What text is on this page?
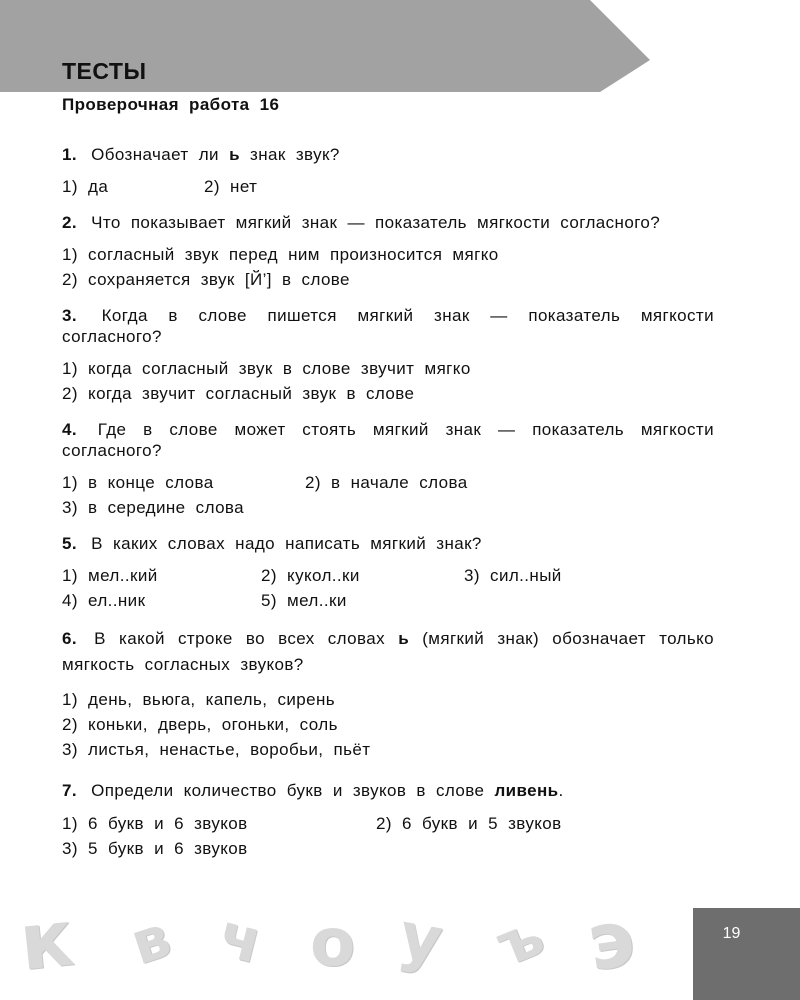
ТЕСТЫ
Проверочная работа 16

1. Обозначает ли ь знак звук?

1) да	2) нет

2. Что показывает мягкий знак — показатель мягкости согласного?

1) согласный звук перед ним произносится мягко
2) сохраняется звук [Й’] в слове

3. Когда в слове пишется мягкий знак — показатель мягкости согласного?

1) когда согласный звук в слове звучит мягко
2) когда звучит согласный звук в слове

4. Где в слове может стоять мягкий знак — показатель мягкости согласного?

1) в конце слова	2) в начале слова
3) в середине слова

5. В каких словах надо написать мягкий знак?

1) мел..кий	2) кукол..ки	3) сил..ный
4) ел..ник	5) мел..ки

6. В какой строке во всех словах ь (мягкий знак) обозначает только мягкость согласных звуков?

1) день, вьюга, капель, сирень
2) коньки, дверь, огоньки, соль
3) листья, ненастье, воробьи, пьёт

7. Определи количество букв и звуков в слове ливень.

1) 6 букв и 6 звуков	2) 6 букв и 5 звуков
3) 5 букв и 6 звуков
к в ч о у ъ э	19
